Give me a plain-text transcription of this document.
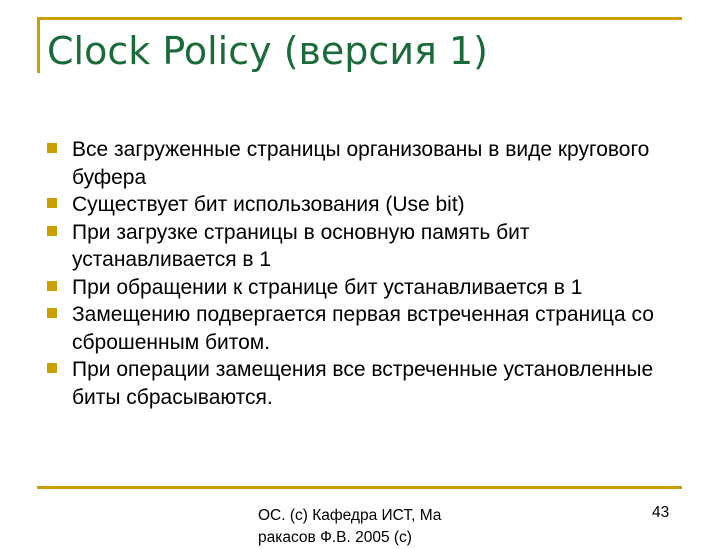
Clock Policy (версия 1)
Все загруженные страницы организованы в виде кругового буфера
Существует бит использования (Use bit)
При загрузке страницы в основную память бит устанавливается в 1
При обращении к странице бит устанавливается в 1
Замещению подвергается первая встреченная страница со сброшенным битом.
При операции замещения все встреченные установленные биты сбрасываются.
ОС. (с) Кафедра ИСТ, Ма
ракасов Ф.В. 2005 (с)
43
